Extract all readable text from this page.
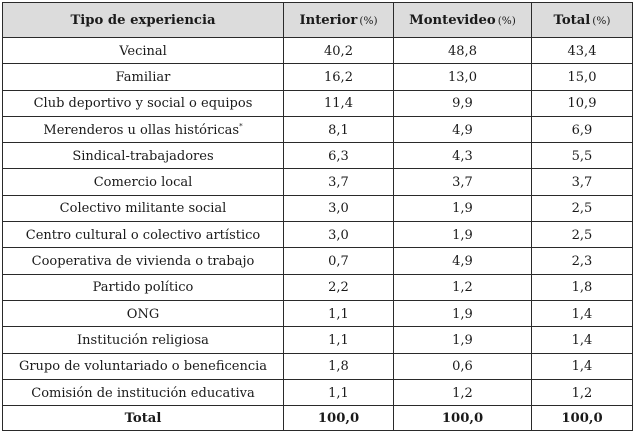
Tipo de experiencia	Interior (%)	Montevideo (%)	Total (%)
Vecinal	40,2	48,8	43,4
Familiar	16,2	13,0	15,0
Club deportivo y social o equipos	11,4	9,9	10,9
Merenderos u ollas históricas*	8,1	4,9	6,9
Sindical-trabajadores	6,3	4,3	5,5
Comercio local	3,7	3,7	3,7
Colectivo militante social	3,0	1,9	2,5
Centro cultural o colectivo artístico	3,0	1,9	2,5
Cooperativa de vivienda o trabajo	0,7	4,9	2,3
Partido político	2,2	1,2	1,8
ONG	1,1	1,9	1,4
Institución religiosa	1,1	1,9	1,4
Grupo de voluntariado o beneficencia	1,8	0,6	1,4
Comisión de institución educativa	1,1	1,2	1,2
Total	100,0	100,0	100,0
